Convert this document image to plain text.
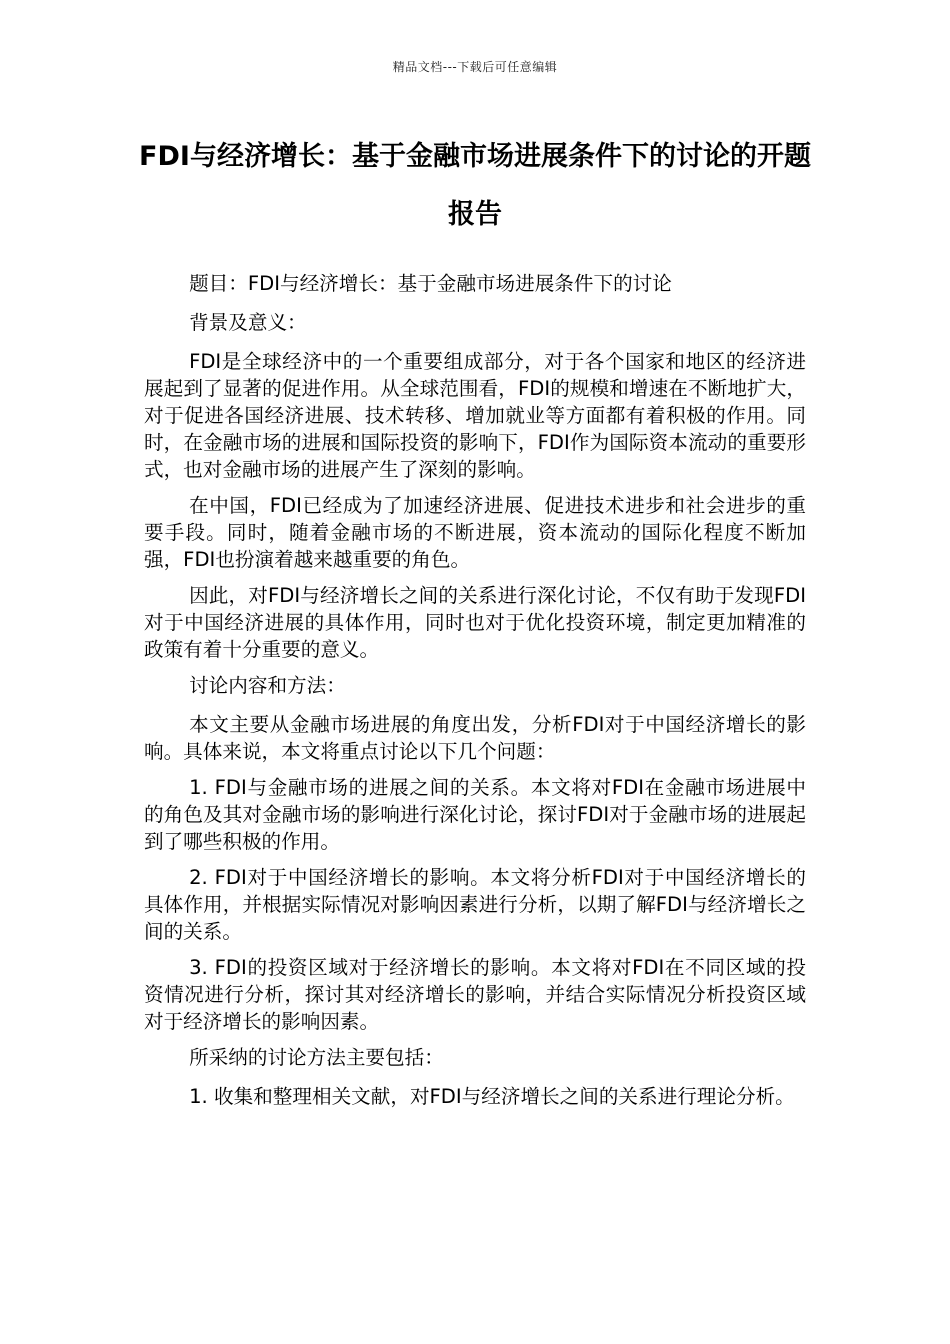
精品文档---下载后可任意编辑
FDI与经济增长：基于金融市场进展条件下的讨论的开题报告

题目：FDI与经济增长：基于金融市场进展条件下的讨论

背景及意义：

FDI是全球经济中的一个重要组成部分，对于各个国家和地区的经济进展起到了显著的促进作用。从全球范围看，FDI的规模和增速在不断地扩大，对于促进各国经济进展、技术转移、增加就业等方面都有着积极的作用。同时，在金融市场的进展和国际投资的影响下，FDI作为国际资本流动的重要形式，也对金融市场的进展产生了深刻的影响。

在中国，FDI已经成为了加速经济进展、促进技术进步和社会进步的重要手段。同时，随着金融市场的不断进展，资本流动的国际化程度不断加强，FDI也扮演着越来越重要的角色。

因此，对FDI与经济增长之间的关系进行深化讨论，不仅有助于发现FDI对于中国经济进展的具体作用，同时也对于优化投资环境，制定更加精准的政策有着十分重要的意义。

讨论内容和方法：

本文主要从金融市场进展的角度出发，分析FDI对于中国经济增长的影响。具体来说，本文将重点讨论以下几个问题：

1. FDI与金融市场的进展之间的关系。本文将对FDI在金融市场进展中的角色及其对金融市场的影响进行深化讨论，探讨FDI对于金融市场的进展起到了哪些积极的作用。

2. FDI对于中国经济增长的影响。本文将分析FDI对于中国经济增长的具体作用，并根据实际情况对影响因素进行分析，以期了解FDI与经济增长之间的关系。

3. FDI的投资区域对于经济增长的影响。本文将对FDI在不同区域的投资情况进行分析，探讨其对经济增长的影响，并结合实际情况分析投资区域对于经济增长的影响因素。

所采纳的讨论方法主要包括：

1. 收集和整理相关文献，对FDI与经济增长之间的关系进行理论分析。
